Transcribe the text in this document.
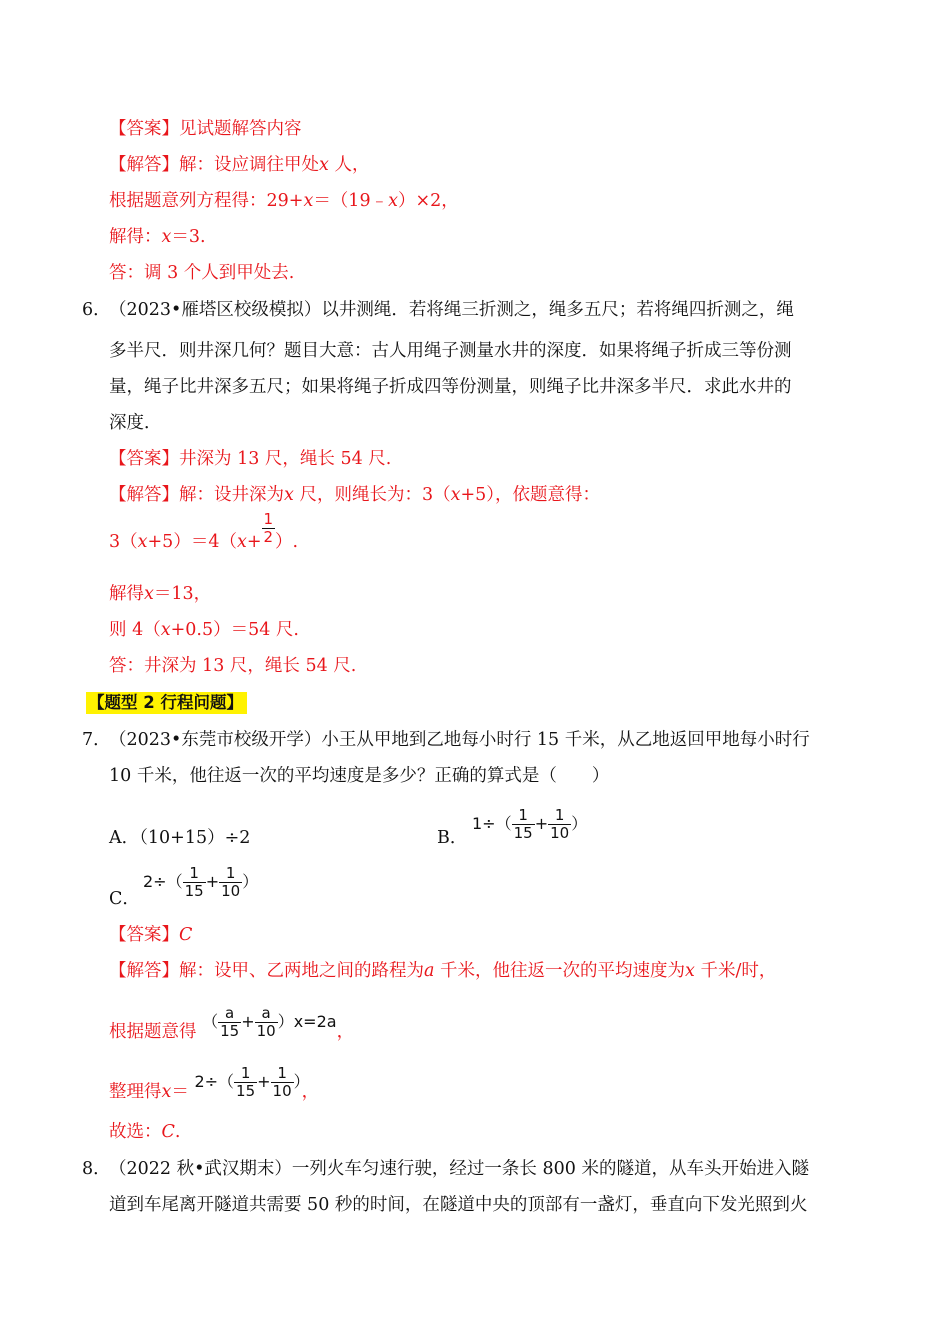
【答案】见试题解答内容
【解答】解：设应调往甲处x 人，
根据题意列方程得：29+x＝（19﹣x）×2，
解得：x＝3.
答：调 3 个人到甲处去.
6．
（2023•雁塔区校级模拟）以井测绳．若将绳三折测之，绳多五尺；若将绳四折测之，绳
多半尺．则井深几何？题目大意：古人用绳子测量水井的深度．如果将绳子折成三等份测
量，绳子比井深多五尺；如果将绳子折成四等份测量，则绳子比井深多半尺．求此水井的
深度．
【答案】井深为 13 尺，绳长 54 尺.
【解答】解：设井深为x 尺，则绳长为：3（x+5），依题意得：
$3(x+5)=4(x+ \frac{1}{2}$ ）.
解得x＝13，
则 4（x+0.5）＝54 尺.
答：井深为 13 尺，绳长 54 尺.
【题型 2 行程问题】
7．
（2023•东莞市校级开学）小王从甲地到乙地每小时行 15 千米，从乙地返回甲地每小时行
10 千米，他往返一次的平均速度是多少？正确的算式是（　　）
A．（10+15）÷2	B．
$1\div( \frac{1}{15} + \frac{1}{10}$ ）
C．
$2\div( \frac{1}{15} + \frac{1}{10}$ ）
【答案】C
【解答】解：设甲、乙两地之间的路程为a 千米，他往返一次的平均速度为x 千米/时，
根据题意得 （ $\frac{a}{15} + \frac{a}{10} )x=2a$，
整理得$x= 2\div( \frac{1}{15} + \frac{1}{10}$ ），
故选：C.
8．
（2022 秋•武汉期末）一列火车匀速行驶，经过一条长 800 米的隧道，从车头开始进入隧
道到车尾离开隧道共需要 50 秒的时间，在隧道中央的顶部有一盏灯，垂直向下发光照到火
